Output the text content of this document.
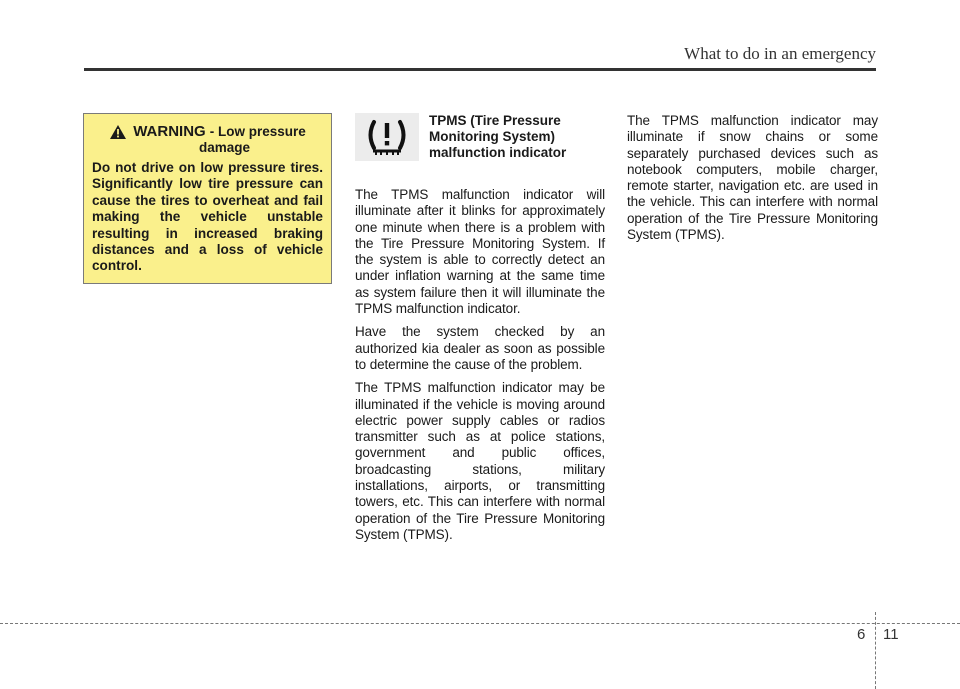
What to do in an emergency
WARNING - Low pressure
damage

Do not drive on low pressure tires. Significantly low tire pressure can cause the tires to overheat and fail making the vehicle unstable resulting in increased braking distances and a loss of vehicle control.

TPMS (Tire Pressure

Monitoring System)

malfunction indicator

The TPMS malfunction indicator will illuminate after it blinks for approximately one minute when there is a problem with the Tire Pressure Monitoring System. If the system is able to correctly detect an under inflation warning at the same time as system failure then it will illuminate the TPMS malfunction indicator.

Have the system checked by an authorized kia dealer as soon as possible to determine the cause of the problem.

The TPMS malfunction indicator may be illuminated if the vehicle is moving around electric power supply cables or radios transmitter such as at police stations, government and public offices, broadcasting stations, military installations, airports, or transmitting towers, etc. This can interfere with normal operation of the Tire Pressure Monitoring System (TPMS).

The TPMS malfunction indicator may illuminate if snow chains or some separately purchased devices such as notebook computers, mobile charger, remote starter, navigation etc. are used in the vehicle. This can interfere with normal operation of the Tire Pressure Monitoring System (TPMS).

6 11
